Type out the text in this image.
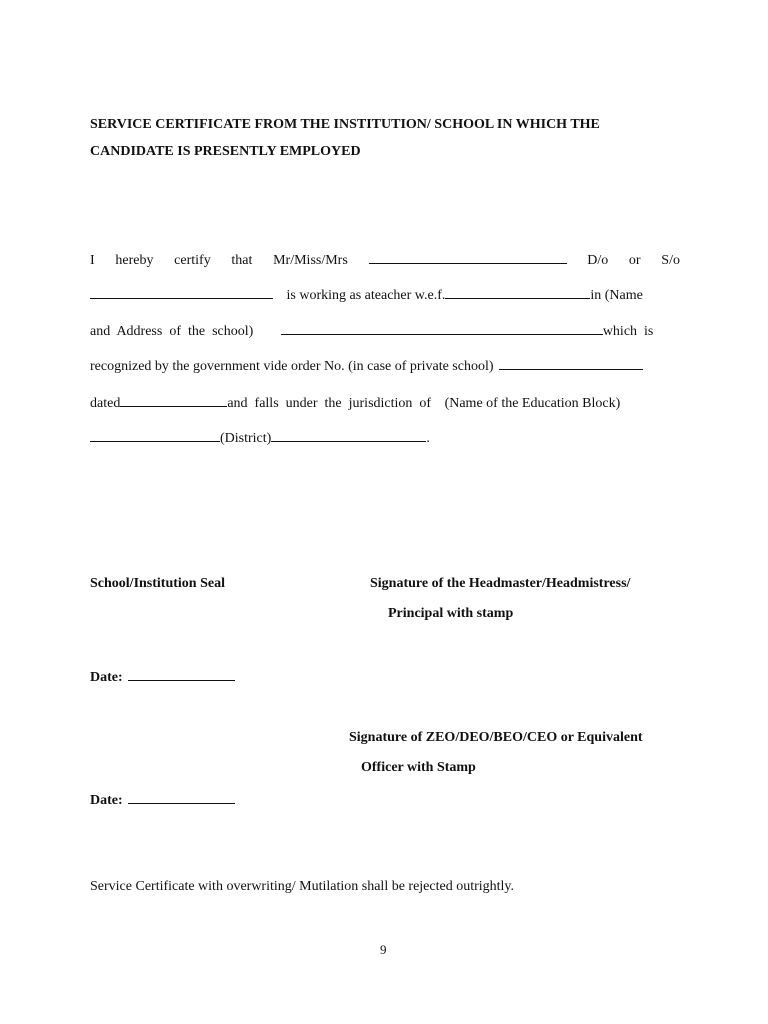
SERVICE CERTIFICATE FROM THE INSTITUTION/ SCHOOL IN WHICH THE
CANDIDATE IS PRESENTLY EMPLOYED
I hereby certify that Mr/Miss/Mrs	D/o or S/o
is working as ateacher w.e.f.	in (Name
and  Address  of  the  school)	which  is
recognized by the government vide order No. (in case of private school)
dated	and  falls  under  the  jurisdiction  of (Name of the Education Block)
(District)	.
School/Institution Seal	Signature of the Headmaster/Headmistress/
Principal with stamp
Date:
Signature of ZEO/DEO/BEO/CEO or Equivalent
Officer with Stamp
Date:
Service Certificate with overwriting/ Mutilation shall be rejected outrightly.
9
